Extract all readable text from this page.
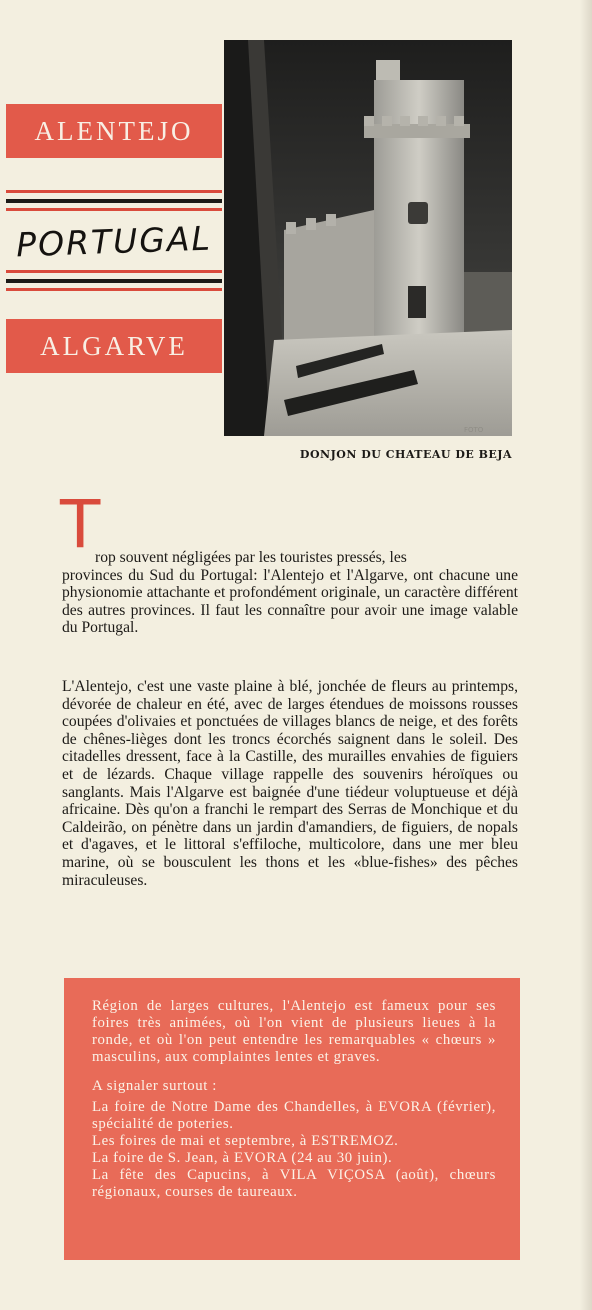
ALENTEJO
PORTUGAL
ALGARVE
FOTO
DONJON DU CHATEAU DE BEJA
T
rop souvent négligées par les touristes pressés, les
provinces du Sud du Portugal: l'Alentejo et l'Algarve, ont chacune une physionomie attachante et profondément originale, un caractère différent des autres provinces. Il faut les connaître pour avoir une image valable du Portugal.
L'Alentejo, c'est une vaste plaine à blé, jonchée de fleurs au printemps, dévorée de chaleur en été, avec de larges étendues de moissons rousses coupées d'olivaies et ponctuées de villages blancs de neige, et des forêts de chênes-lièges dont les troncs écorchés saignent dans le soleil. Des citadelles dressent, face à la Castille, des murailles envahies de figuiers et de lézards. Chaque village rappelle des souvenirs héroïques ou sanglants. Mais l'Algarve est baignée d'une tiédeur voluptueuse et déjà africaine. Dès qu'on a franchi le rempart des Serras de Monchique et du Caldeirão, on pénètre dans un jardin d'amandiers, de figuiers, de nopals et d'agaves, et le littoral s'effiloche, multicolore, dans une mer bleu marine, où se bousculent les thons et les «blue-fishes» des pêches miraculeuses.
Région de larges cultures, l'Alentejo est fameux pour ses foires très animées, où l'on vient de plusieurs lieues à la ronde, et où l'on peut entendre les remarquables « chœurs » masculins, aux complaintes lentes et graves.
A signaler surtout :
La foire de Notre Dame des Chandelles, à EVORA (février), spécialité de poteries.
Les foires de mai et septembre, à ESTREMOZ.
La foire de S. Jean, à EVORA (24 au 30 juin).
La fête des Capucins, à VILA VIÇOSA (août), chœurs régionaux, courses de taureaux.
